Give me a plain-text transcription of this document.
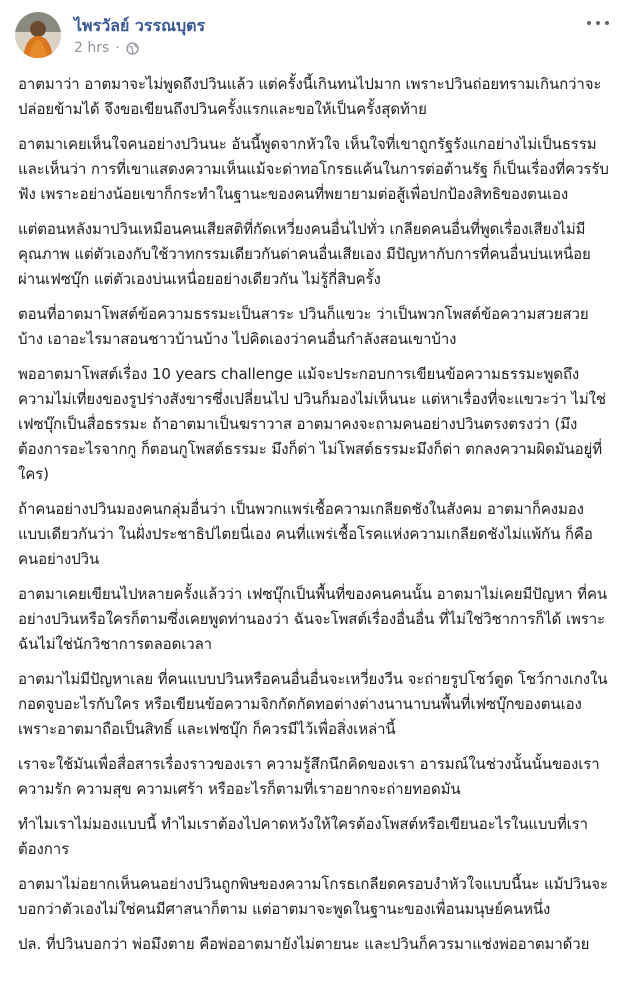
ไพรวัลย์ วรรณบุตร
2 hrs ·

อาตมาว่า อาตมาจะไม่พูดถึงปวินแล้ว แต่ครั้งนี้เกินทนไปมาก เพราะปวินถ่อยทรามเกินกว่าจะปล่อยข้ามได้ จึงขอเขียนถึงปวินครั้งแรกและขอให้เป็นครั้งสุดท้าย

อาตมาเคยเห็นใจคนอย่างปวินนะ อันนี้พูดจากหัวใจ เห็นใจที่เขาถูกรัฐรังแกอย่างไม่เป็นธรรม และเห็นว่า การที่เขาแสดงความเห็นแม้จะด่าทอโกรธแค้นในการต่อต้านรัฐ ก็เป็นเรื่องที่ควรรับฟัง เพราะอย่างน้อยเขาก็กระทำในฐานะของคนที่พยายามต่อสู้เพื่อปกป้องสิทธิของตนเอง

แต่ตอนหลังมาปวินเหมือนคนเสียสติที่กัดเหวี่ยงคนอื่นไปทั่ว เกลียดคนอื่นที่พูดเรื่องเสียงไม่มีคุณภาพ แต่ตัวเองกับใช้วาทกรรมเดียวกันด่าคนอื่นเสียเอง มีปัญหากับการที่คนอื่นบ่นเหนื่อยผ่านเฟซบุ๊ก แต่ตัวเองบ่นเหนื่อยอย่างเดียวกัน ไม่รู้กี่สิบครั้ง

ตอนที่อาตมาโพสต์ข้อความธรรมะเป็นสาระ ปวินก็แขวะ ว่าเป็นพวกโพสต์ข้อความสวยสวยบ้าง เอาอะไรมาสอนชาวบ้านบ้าง ไปคิดเองว่าคนอื่นกำลังสอนเขาบ้าง

พออาตมาโพสต์เรื่อง 10 years challenge แม้จะประกอบการเขียนข้อความธรรมะพูดถึงความไม่เที่ยงของรูปร่างสังขารซึ่งเปลี่ยนไป ปวินก็มองไม่เห็นนะ แต่หาเรื่องที่จะแขวะว่า ไม่ใช่เฟซบุ๊กเป็นสื่อธรรมะ ถ้าอาตมาเป็นฆราวาส อาตมาคงจะถามคนอย่างปวินตรงตรงว่า (มึงต้องการอะไรจากกู ก็ตอนกูโพสต์ธรรมะ มึงก็ด่า ไม่โพสต์ธรรมะมึงก็ด่า ตกลงความผิดมันอยู่ที่ใคร)

ถ้าคนอย่างปวินมองคนกลุ่มอื่นว่า เป็นพวกแพร่เชื้อความเกลียดชังในสังคม อาตมาก็คงมองแบบเดียวกันว่า ในฝั่งประชาธิปไตยนี่เอง คนที่แพร่เชื้อโรคแห่งความเกลียดชังไม่แพ้กัน ก็คือคนอย่างปวิน

อาตมาเคยเขียนไปหลายครั้งแล้วว่า เฟซบุ๊กเป็นพื้นที่ของคนคนนั้น อาตมาไม่เคยมีปัญหา ที่คนอย่างปวินหรือใครก็ตามซึ่งเคยพูดท่านองว่า ฉันจะโพสต์เรื่องอื่นอื่น ที่ไม่ใช่วิชาการก็ได้ เพราะฉันไม่ใช่นักวิชาการตลอดเวลา

อาตมาไม่มีปัญหาเลย ที่คนแบบปวินหรือคนอื่นอื่นจะเหวี่ยงวีน จะถ่ายรูปโชว์ตูด โชว์กางเกงใน กอดจูบอะไรกับใคร หรือเขียนข้อความจิกกัดกัดทอต่างต่างนานาบนพื้นที่เฟซบุ๊กของตนเอง เพราะอาตมาถือเป็นสิทธิ์ และเฟซบุ๊ก ก็ควรมีไว้เพื่อสิ่งเหล่านี้

เราจะใช้มันเพื่อสื่อสารเรื่องราวของเรา ความรู้สึกนึกคิดของเรา อารมณ์ในช่วงนั้นนั้นของเรา ความรัก ความสุข ความเศร้า หรืออะไรก็ตามที่เราอยากจะถ่ายทอดมัน

ทำไมเราไม่มองแบบนี้ ทำไมเราต้องไปคาดหวังให้ใครต้องโพสต์หรือเขียนอะไรในแบบที่เราต้องการ

อาตมาไม่อยากเห็นคนอย่างปวินถูกพิษของความโกรธเกลียดครอบงำหัวใจแบบนี้นะ แม้ปวินจะบอกว่าตัวเองไม่ใช่คนมีศาสนาก็ตาม แต่อาตมาจะพูดในฐานะของเพื่อนมนุษย์คนหนึ่ง

ปล. ที่ปวินบอกว่า พ่อมึงตาย คือพ่ออาตมายังไม่ตายนะ และปวินก็ควรมาแช่งพ่ออาตมาด้วย
